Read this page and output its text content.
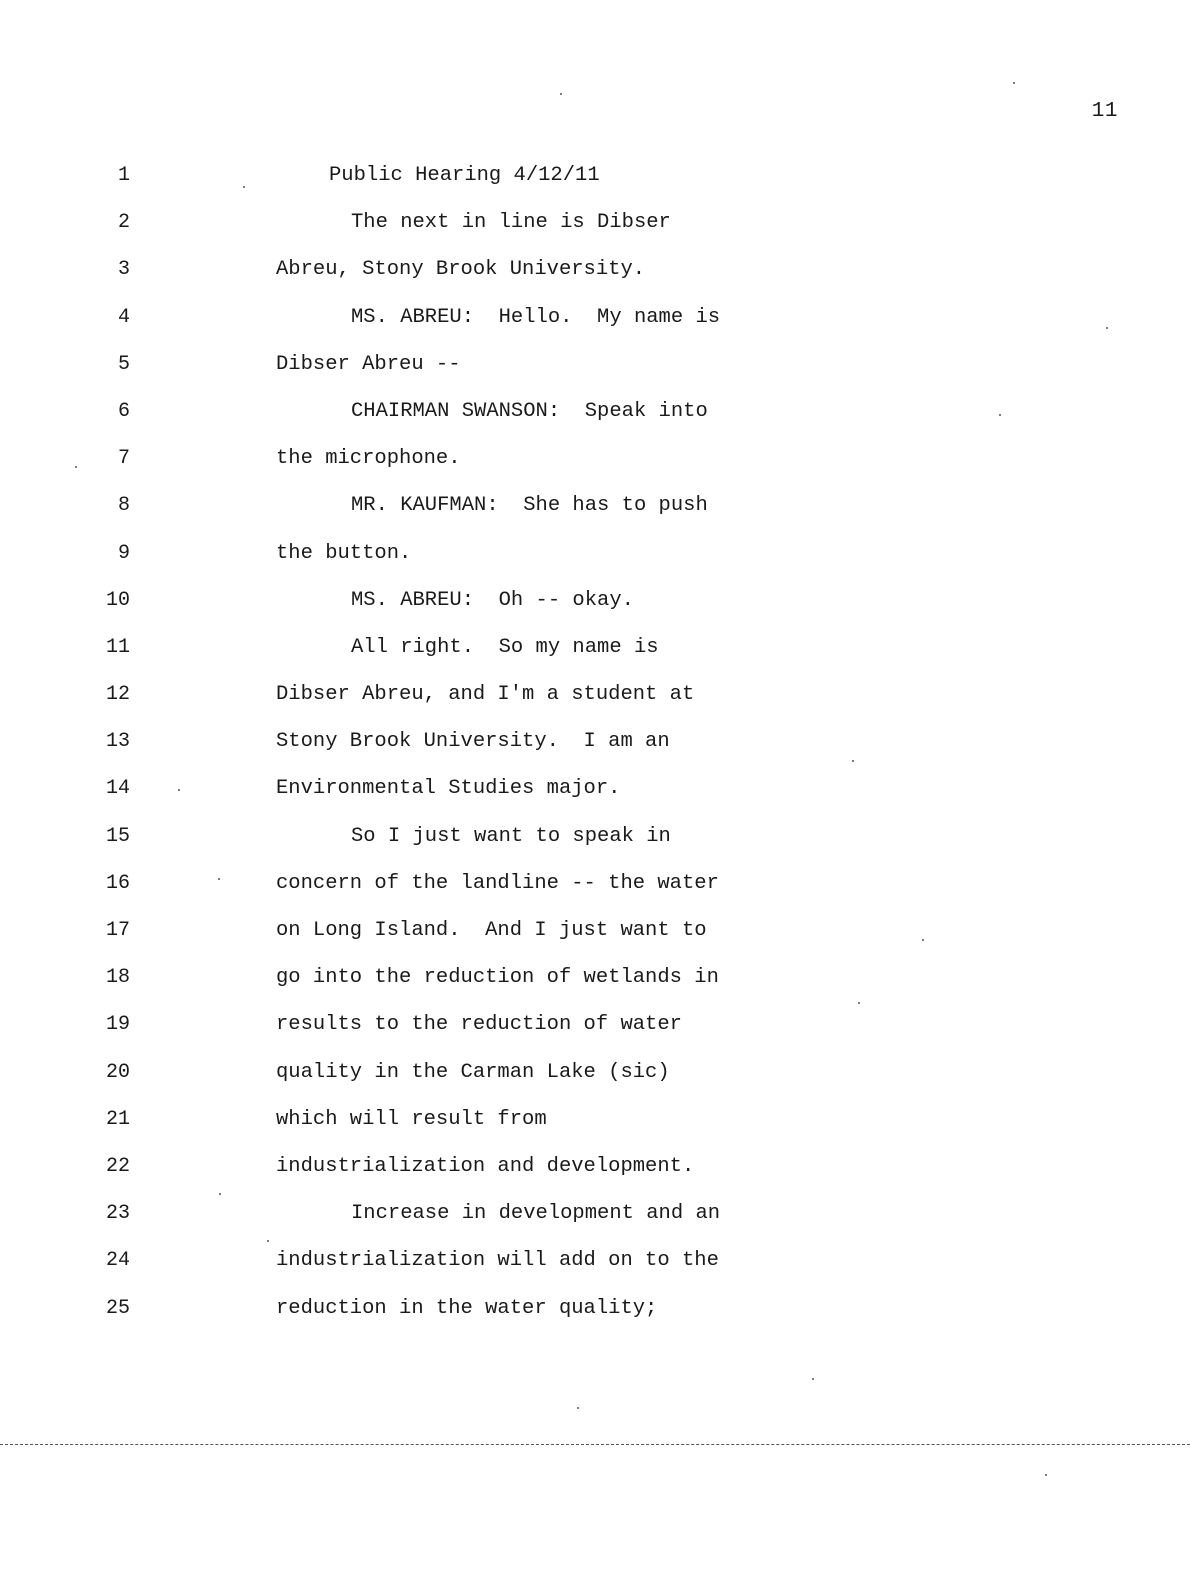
11
1	Public Hearing 4/12/11
2	The next in line is Dibser
3	Abreu, Stony Brook University.
4	MS. ABREU:  Hello.  My name is
5	Dibser Abreu --
6	CHAIRMAN SWANSON:  Speak into
7	the microphone.
8	MR. KAUFMAN:  She has to push
9	the button.
10	MS. ABREU:  Oh -- okay.
11	All right.  So my name is
12	Dibser Abreu, and I'm a student at
13	Stony Brook University.  I am an
14	Environmental Studies major.
15	So I just want to speak in
16	concern of the landline -- the water
17	on Long Island.  And I just want to
18	go into the reduction of wetlands in
19	results to the reduction of water
20	quality in the Carman Lake (sic)
21	which will result from
22	industrialization and development.
23	Increase in development and an
24	industrialization will add on to the
25	reduction in the water quality;
